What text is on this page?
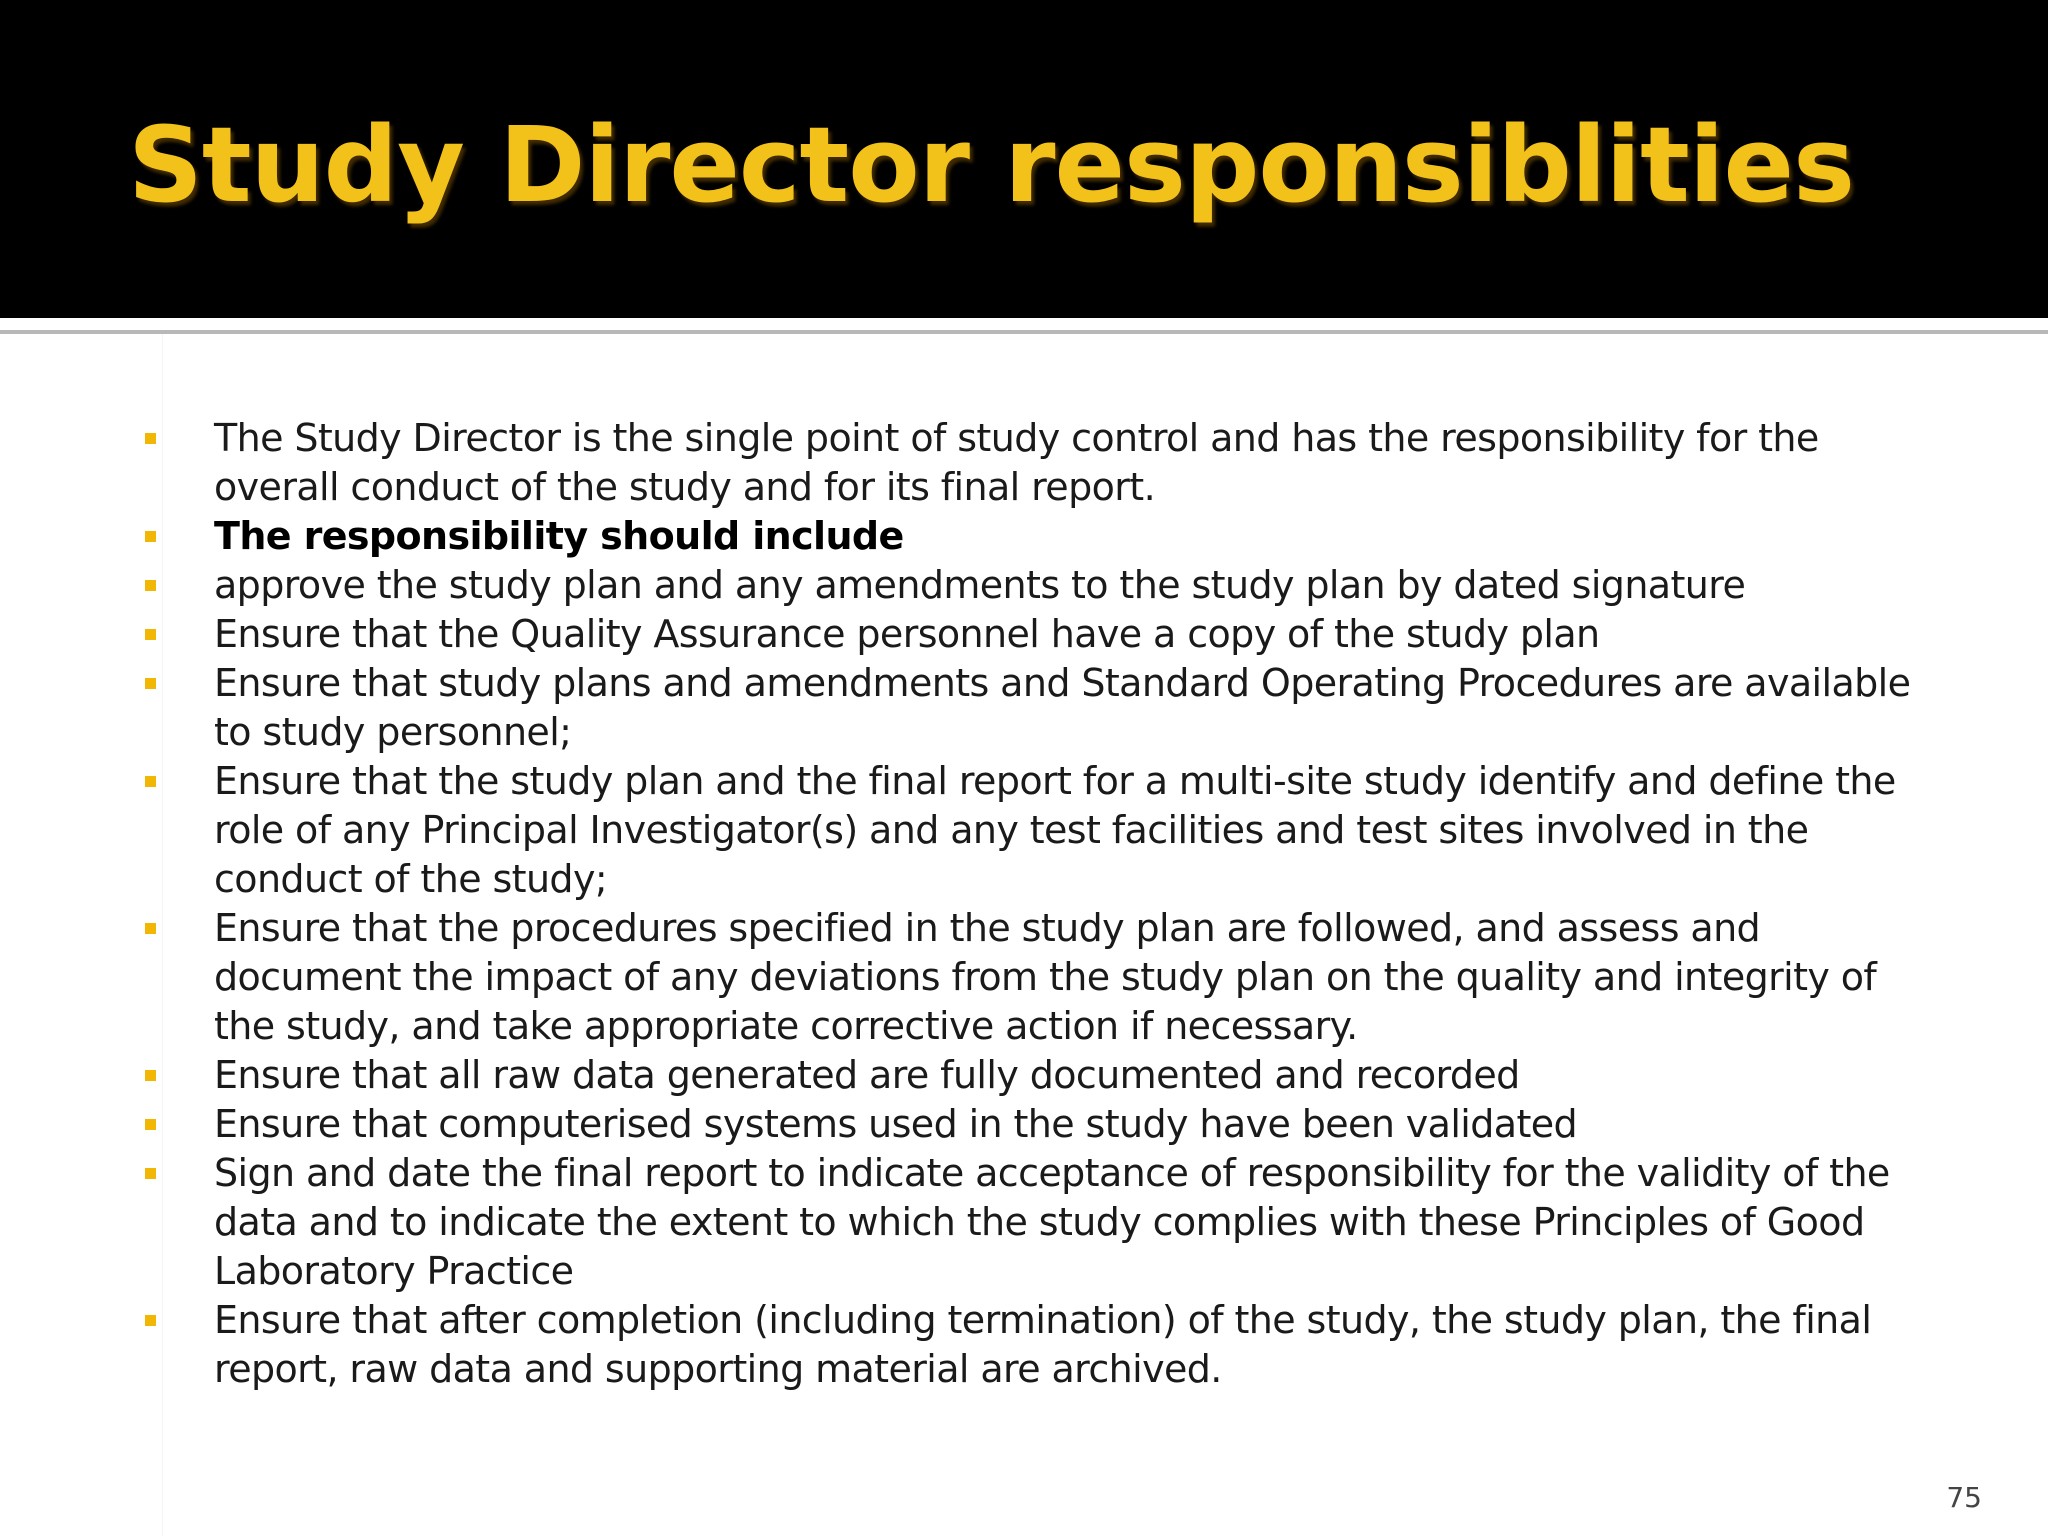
Study Director responsiblities
The Study Director is the single point of study control and has the responsibility for the overall conduct of the study and for its final report.
The responsibility should include
approve the study plan and any amendments to the study plan by dated signature
Ensure that the Quality Assurance personnel have a copy of the study plan
Ensure that study plans and amendments and Standard Operating Procedures are available to study personnel;
Ensure that the study plan and the final report for a multi-site study identify and define the role of any Principal Investigator(s) and any test facilities and test sites involved in the conduct of the study;
Ensure that the procedures specified in the study plan are followed, and assess and document the impact of any deviations from the study plan on the quality and integrity of the study, and take appropriate corrective action if necessary.
Ensure that all raw data generated are fully documented and recorded
Ensure that computerised systems used in the study have been validated
Sign and date the final report to indicate acceptance of responsibility for the validity of the data and to indicate the extent to which the study complies with these Principles of Good Laboratory Practice
Ensure that after completion (including termination) of the study, the study plan, the final report, raw data and supporting material are archived.
75
